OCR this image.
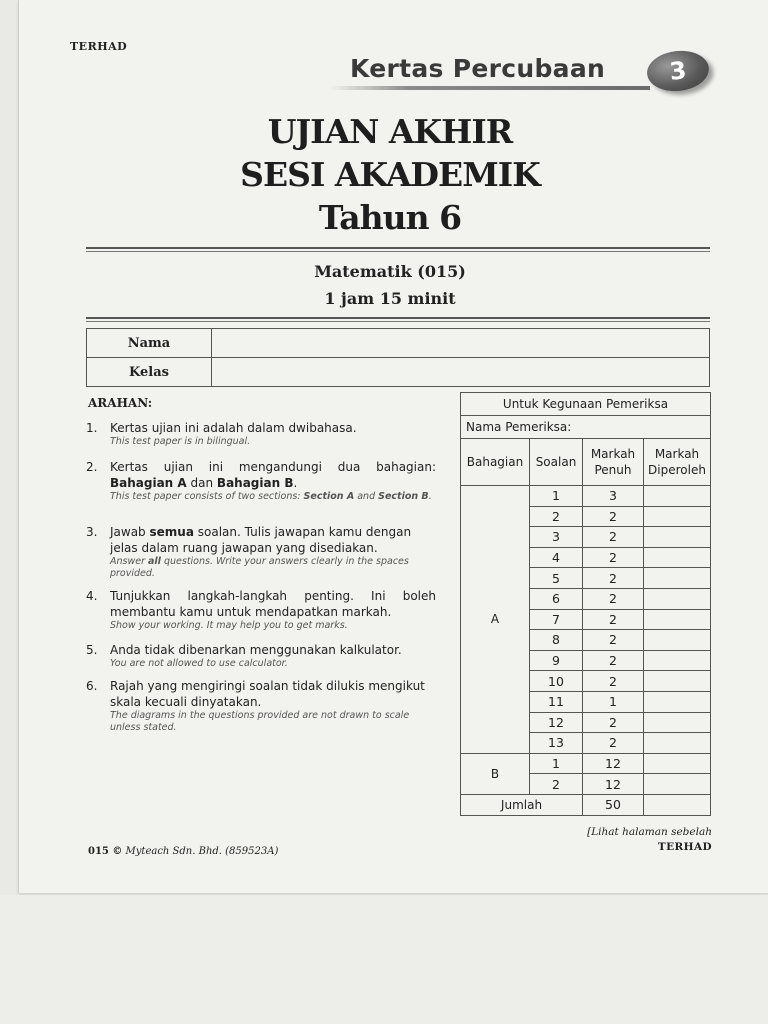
TERHAD
Kertas Percubaan	3
UJIAN AKHIR
SESI AKADEMIK
Tahun 6
Matematik (015)
1 jam 15 minit
Nama	
Kelas	
ARAHAN:
1. Kertas ujian ini adalah dalam dwibahasa.
This test paper is in bilingual.
2. Kertas ujian ini mengandungi dua bahagian:
Bahagian A dan Bahagian B.
This test paper consists of two sections: Section A and Section B.
3. Jawab semua soalan. Tulis jawapan kamu dengan jelas dalam ruang jawapan yang disediakan.
Answer all questions. Write your answers clearly in the spaces provided.
4. Tunjukkan langkah-langkah penting. Ini boleh membantu kamu untuk mendapatkan markah.
Show your working. It may help you to get marks.
5. Anda tidak dibenarkan menggunakan kalkulator.
You are not allowed to use calculator.
6. Rajah yang mengiringi soalan tidak dilukis mengikut skala kecuali dinyatakan.
The diagrams in the questions provided are not drawn to scale unless stated.
Untuk Kegunaan Pemeriksa			
Nama Pemeriksa:			
Bahagian	Soalan	Markah Penuh	Markah Diperoleh
A	1	3	
	2	2	
	3	2	
	4	2	
	5	2	
	6	2	
	7	2	
	8	2	
	9	2	
	10	2	
	11	1	
	12	2	
	13	2	
B	1	12	
	2	12	
Jumlah		50	
015 © Myteach Sdn. Bhd. (859523A)
[Lihat halaman sebelah
TERHAD
